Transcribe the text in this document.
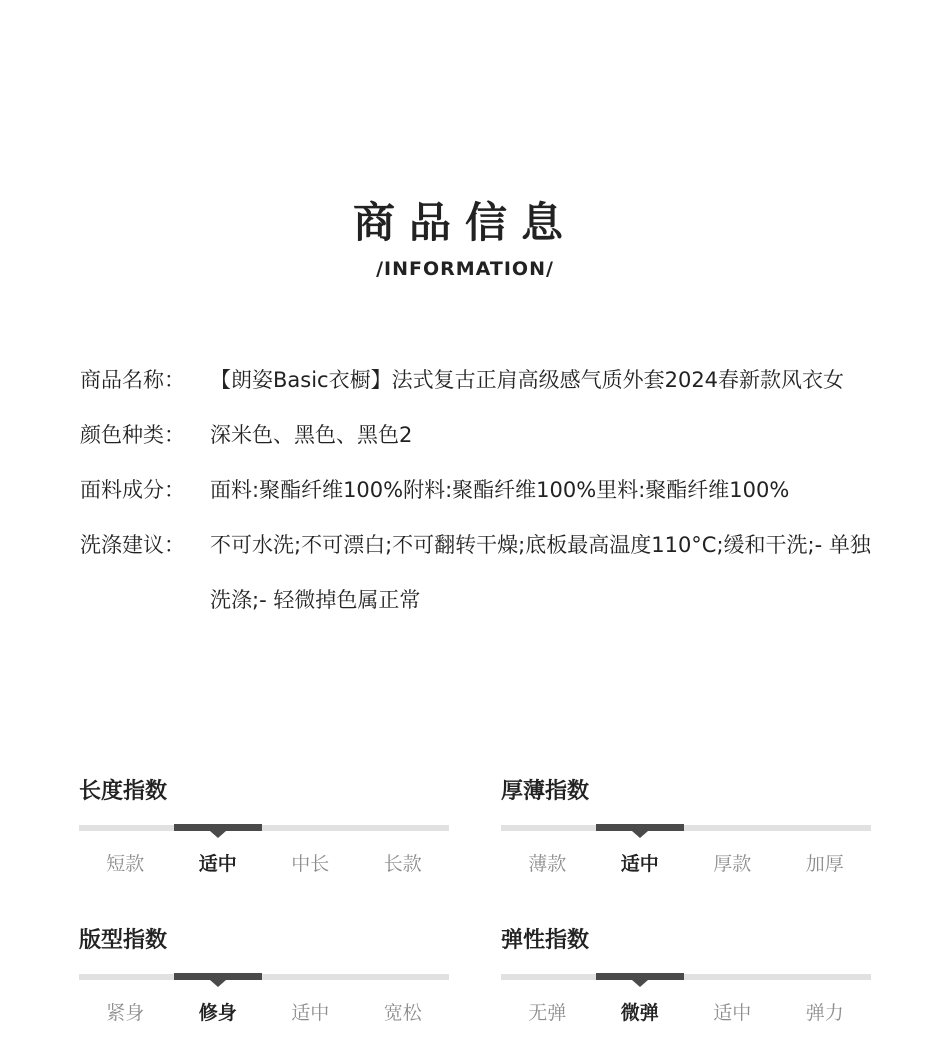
商品信息
/INFORMATION/
商品名称：	【朗姿Basic衣橱】法式复古正肩高级感气质外套2024春新款风衣女
颜色种类：	深米色、黑色、黑色2
面料成分：	面料:聚酯纤维100%附料:聚酯纤维100%里料:聚酯纤维100%
洗涤建议：	不可水洗;不可漂白;不可翻转干燥;底板最高温度110°C;缓和干洗;- 单独洗涤;- 轻微掉色属正常
长度指数
短款	适中	中长	长款
厚薄指数
薄款	适中	厚款	加厚
版型指数
紧身	修身	适中	宽松
弹性指数
无弹	微弹	适中	弹力
